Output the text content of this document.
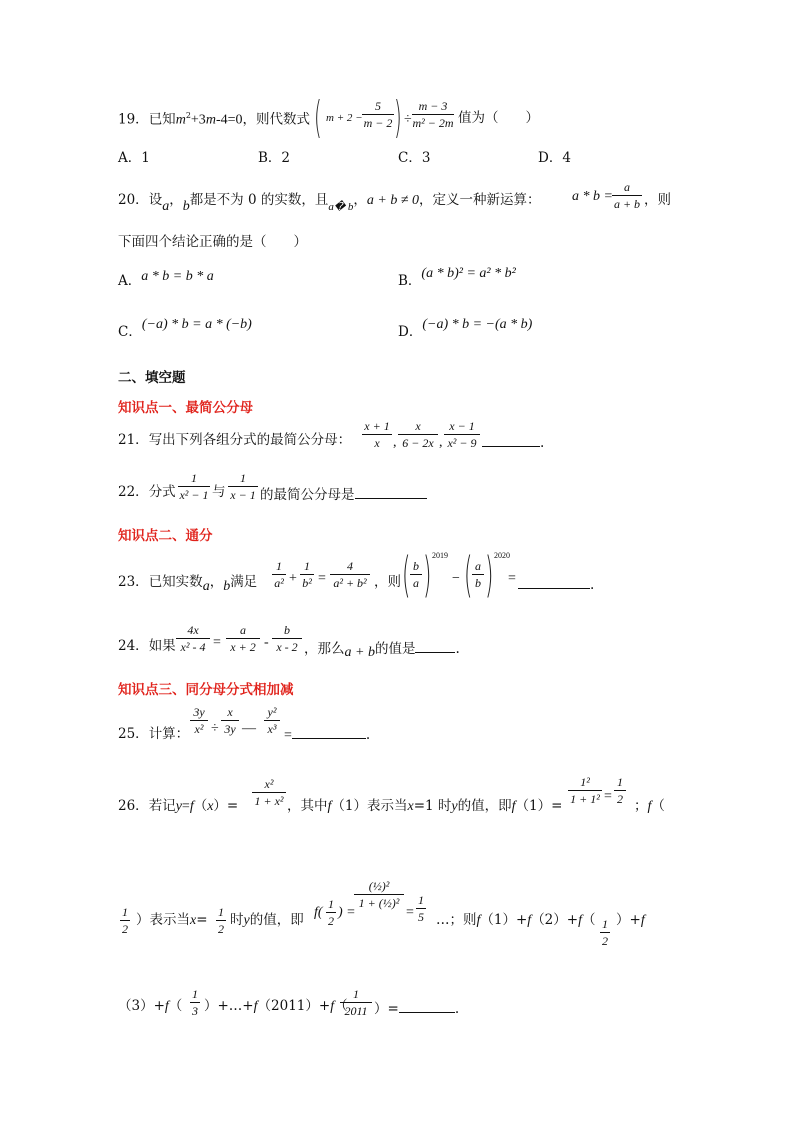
19．已知$m^2+3m-4=0$，则代数式 ( m + 2 −
5
m − 2 ) ÷
m − 3
m² − 2m 值为（　　）
A．1	B．2	C．3	D．4
20．设a，b都是不为 0 的实数，且$_{a� b}$，a + b ≠ 0，定义一种新运算： a * b =
a
a + b ，则
下面四个结论正确的是（　　）
A．a * b = b * a	B．(a * b)² = a² * b²
C．(−a) * b = a * (−b)	D．(−a) * b = −(a * b)
二、填空题
知识点一、最简公分母
21．写出下列各组分式的最简公分母：
x + 1
x ,
x
6 − 2x ,
x − 1
x² − 9	.
22．分式
1
x² − 1 与
1
x − 1 的最简公分母是
知识点二、通分
23．已知实数a，b满足
1
a² +
1
b² =
4
a² + b² ，则 ( b
a ) 2019
− ( a
b ) 2020
=	.
24．如果
4x
x² - 4 =
a
x + 2 -
b
x - 2 ，那么a + b的值是	.
知识点三、同分母分式相加减
25．计算：
3y
x² ÷
x
3y —
y²
x³ =	.
26．若记y=f（x）=
x²
1 + x² ，其中f（1）表示当x=1 时y的值，即f（1）=
1²
1 + 1² =
1
2 ；f（
1
2
）表示当x= 1
2
时y的值，即 f(
1
2
) =
(½)²
1 + (½)²
=
1
5 …；则f（1）+f（2）+f（ 1
2
）+f
（3）+f（
1
3 ）+…+f（2011）+f（
1
2011 ）=	.
